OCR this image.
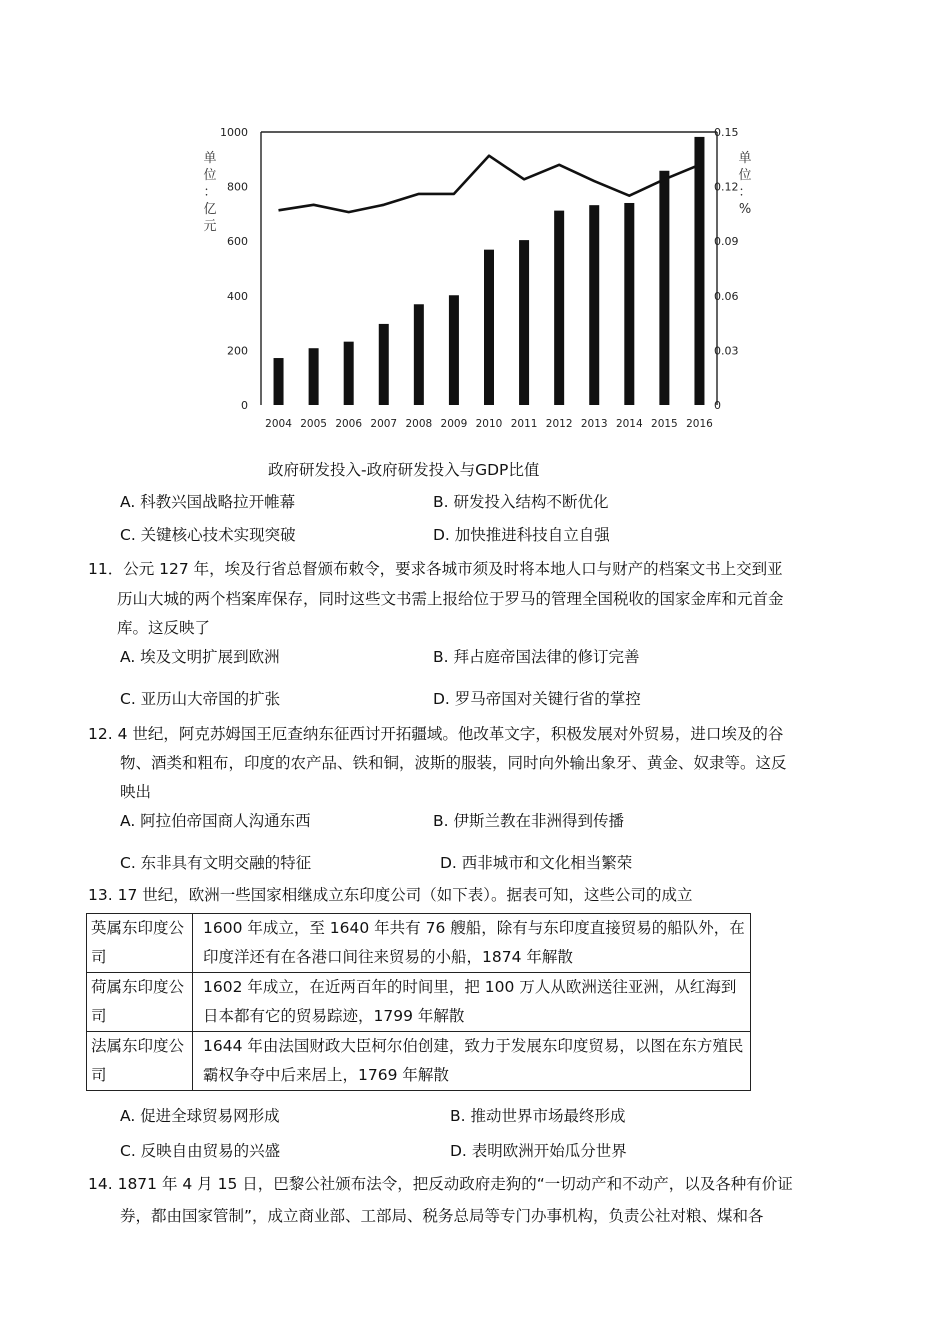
0
200
400
600
800
1000
0
0.03
0.06
0.09
0.12
0.15
2004 2005 2006 2007 2008 2009 2010 2011 2012 2013 2014 2015 2016
单
位
：
亿
元
单
位
：
%
政府研发投入-政府研发投入与GDP比值
A. 科教兴国战略拉开帷幕	B. 研发投入结构不断优化
C. 关键核心技术实现突破	D. 加快推进科技自立自强
11．公元 127 年，埃及行省总督颁布敕令，要求各城市须及时将本地人口与财产的档案文书上交到亚
历山大城的两个档案库保存，同时这些文书需上报给位于罗马的管理全国税收的国家金库和元首金
库。这反映了
A. 埃及文明扩展到欧洲	B. 拜占庭帝国法律的修订完善
C. 亚历山大帝国的扩张	D. 罗马帝国对关键行省的掌控
12. 4 世纪，阿克苏姆国王厄查纳东征西讨开拓疆域。他改革文字，积极发展对外贸易，进口埃及的谷
物、酒类和粗布，印度的农产品、铁和铜，波斯的服装，同时向外输出象牙、黄金、奴隶等。这反
映出
A. 阿拉伯帝国商人沟通东西	B. 伊斯兰教在非洲得到传播
C. 东非具有文明交融的特征	D. 西非城市和文化相当繁荣
13. 17 世纪，欧洲一些国家相继成立东印度公司（如下表）。据表可知，这些公司的成立
英属东印度公司	1600 年成立，至 1640 年共有 76 艘船，除有与东印度直接贸易的船队外，在印度洋还有在各港口间往来贸易的小船，1874 年解散
荷属东印度公司	1602 年成立，在近两百年的时间里，把 100 万人从欧洲送往亚洲，从红海到日本都有它的贸易踪迹，1799 年解散
法属东印度公司	1644 年由法国财政大臣柯尔伯创建，致力于发展东印度贸易，以图在东方殖民霸权争夺中后来居上，1769 年解散
A. 促进全球贸易网形成	B. 推动世界市场最终形成
C. 反映自由贸易的兴盛	D. 表明欧洲开始瓜分世界
14. 1871 年 4 月 15 日，巴黎公社颁布法令，把反动政府走狗的“一切动产和不动产，以及各种有价证
券，都由国家管制”，成立商业部、工部局、税务总局等专门办事机构，负责公社对粮、煤和各
